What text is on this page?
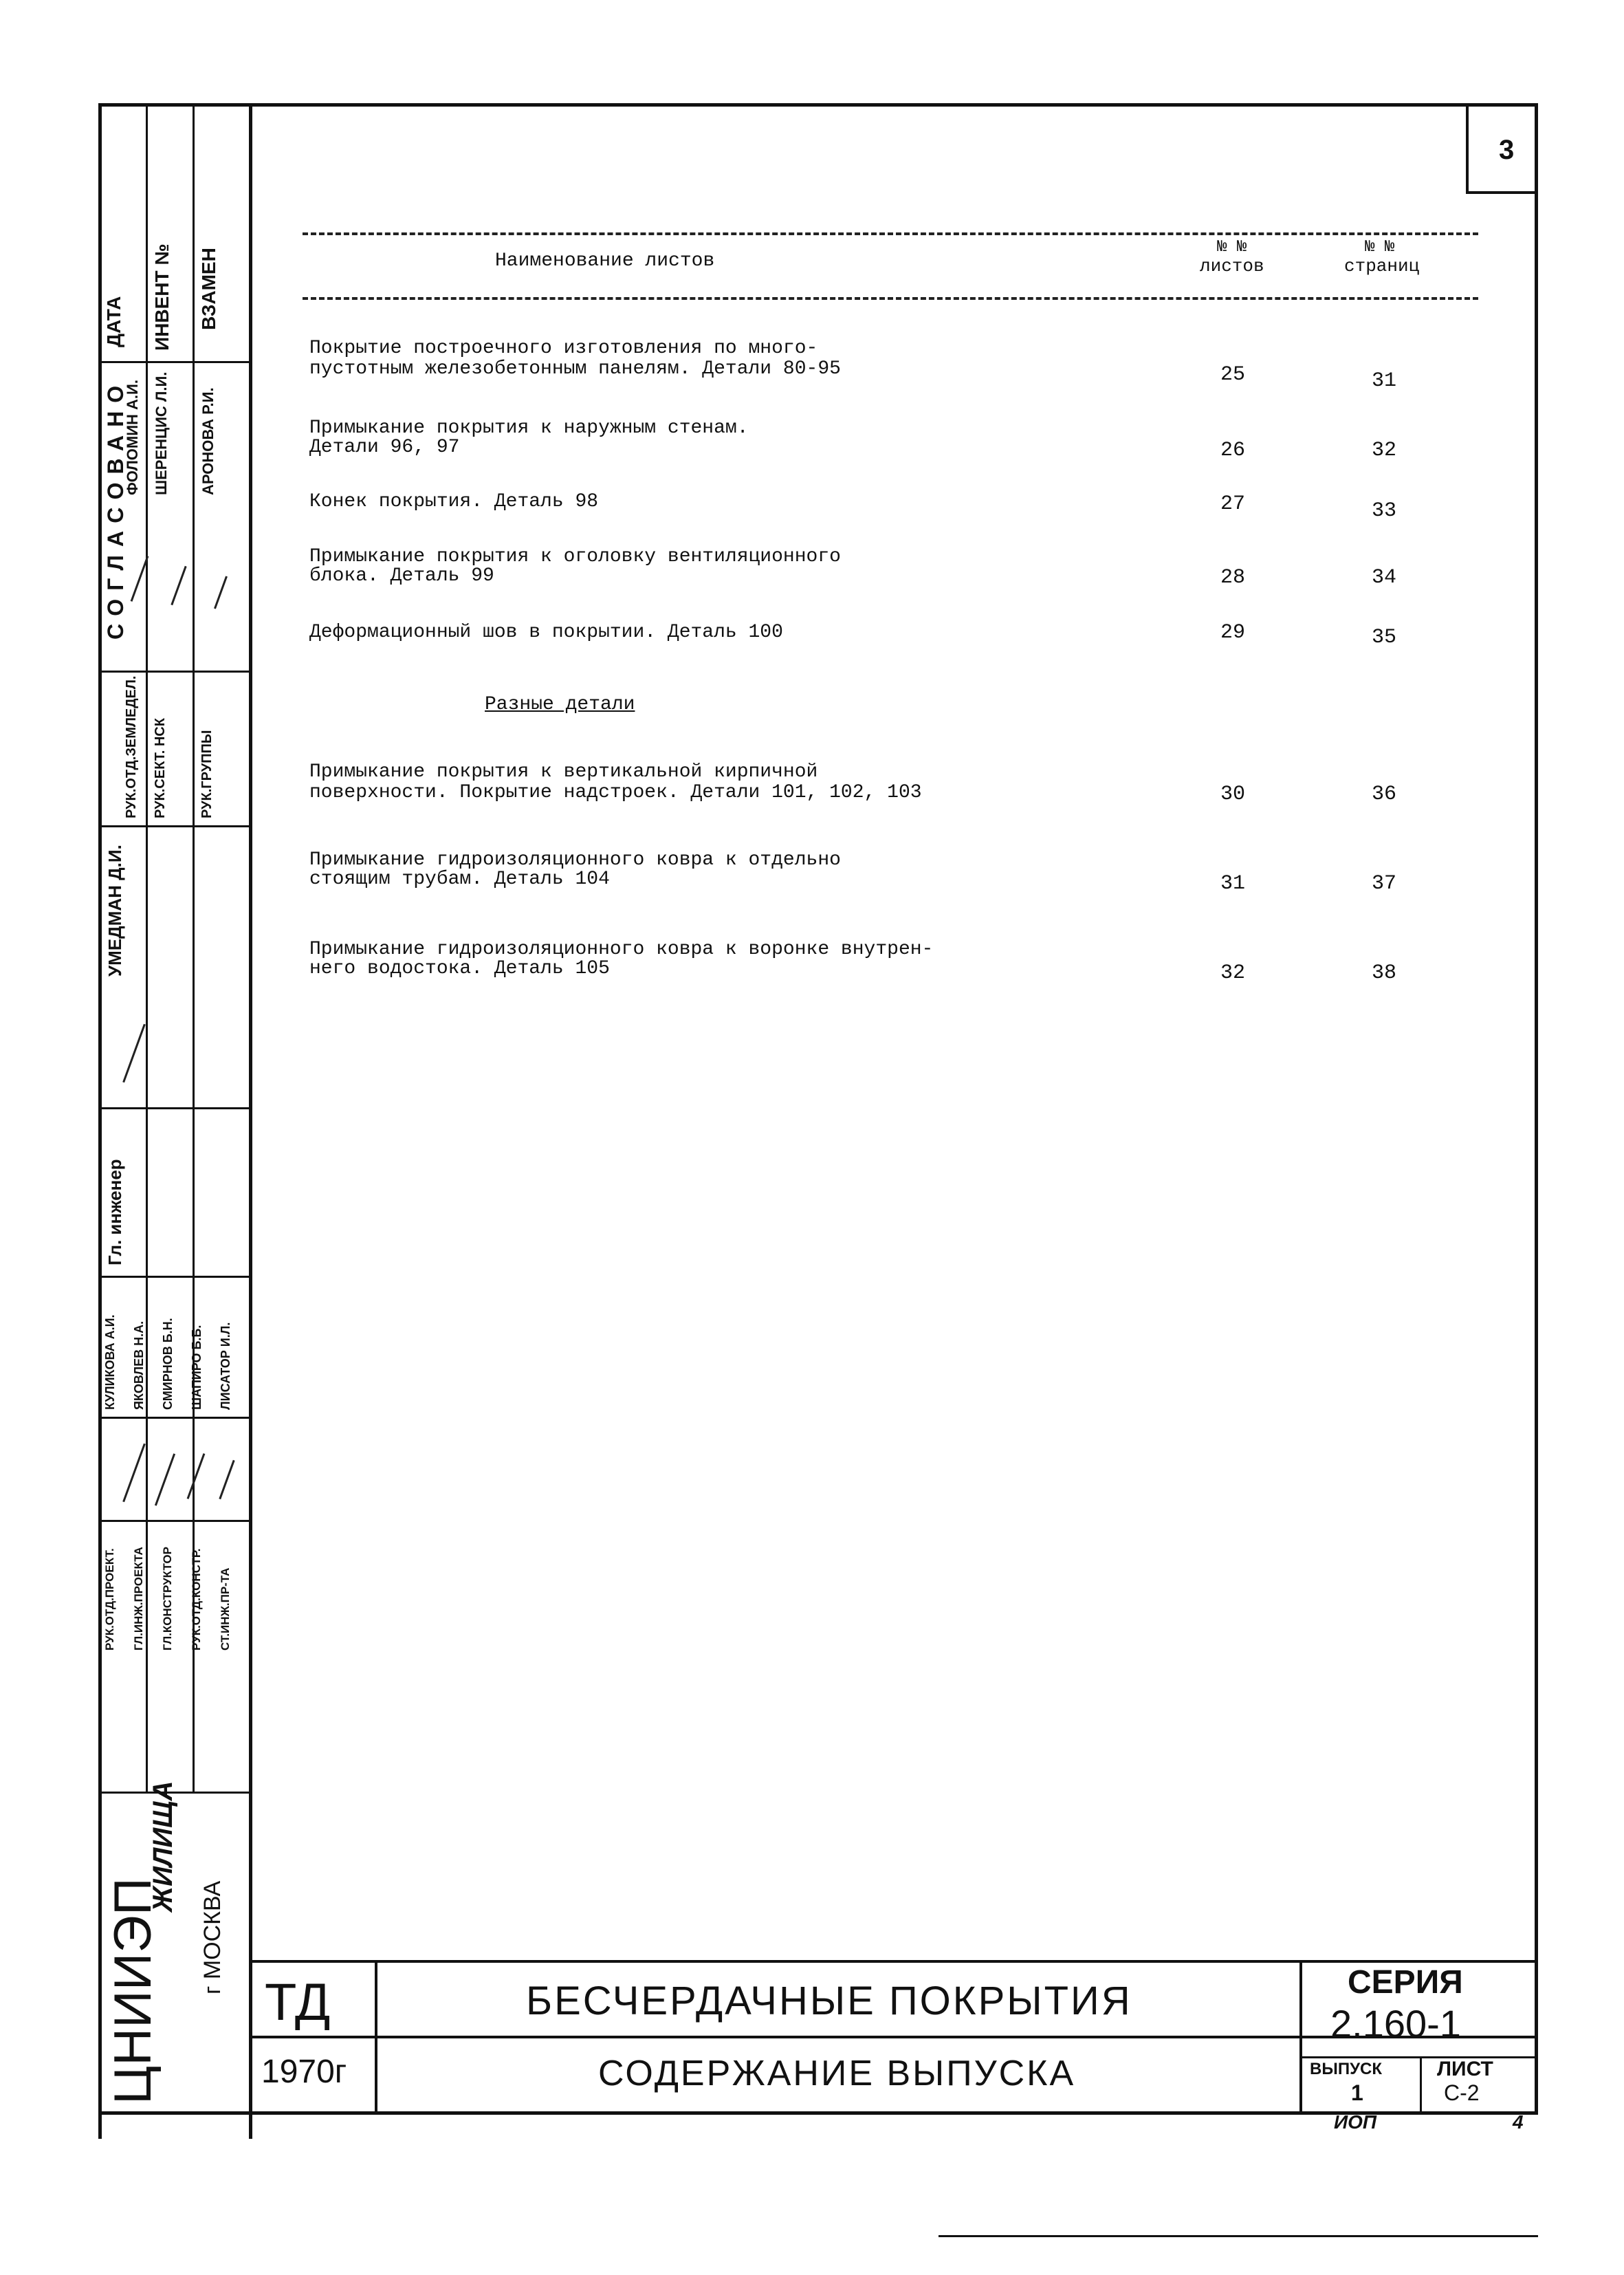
3
ДАТА ИНВЕНТ № ВЗАМЕН
СОГЛАСОВАНО
ФОЛОМИН А.И. ШЕРЕНЦИС Л.И. АРОНОВА Р.И.
РУК.ОТД.ЗЕМЛЕДЕЛ. РУК.СЕКТ. НСК РУК.ГРУППЫ
УМЕДМАН Д.И.
Гл. инженер
КУЛИКОВА А.И. ЯКОВЛЕВ Н.А. СМИРНОВ Б.Н. ШАПИРО Б.Б. ЛИСАТОР И.Л.
РУК.ОТД.ПРОЕКТ. ГЛ.ИНЖ.ПРОЕКТА ГЛ.КОНСТРУКТОР РУК.ОТД.КОНСТР. СТ.ИНЖ.ПР-ТА
ЦНИИЭП
ЖИЛИЩА
г МОСКВА
Наименование листов
№ №
листов
№ №
страниц
Покрытие построечного изготовления по много-
пустотным железобетонным панелям. Детали 80-95	25	31
Примыкание покрытия к наружным стенам.
Детали 96, 97	26	32
Конек покрытия. Деталь 98	27	33
Примыкание покрытия к оголовку вентиляционного
блока. Деталь 99	28	34
Деформационный шов в покрытии. Деталь 100	29	35
Разные детали
Примыкание покрытия к вертикальной кирпичной
поверхности. Покрытие надстроек. Детали 101, 102, 103	30	36
Примыкание гидроизоляционного ковра к отдельно
стоящим трубам. Деталь 104	31	37
Примыкание гидроизоляционного ковра к воронке внутрен-
него водостока. Деталь 105	32	38
ТД
1970г
БЕСЧЕРДАЧНЫЕ ПОКРЫТИЯ
СОДЕРЖАНИЕ ВЫПУСКА
СЕРИЯ
2.160-1
ВЫПУСК
1
ЛИСТ
С-2
ИОП	4
